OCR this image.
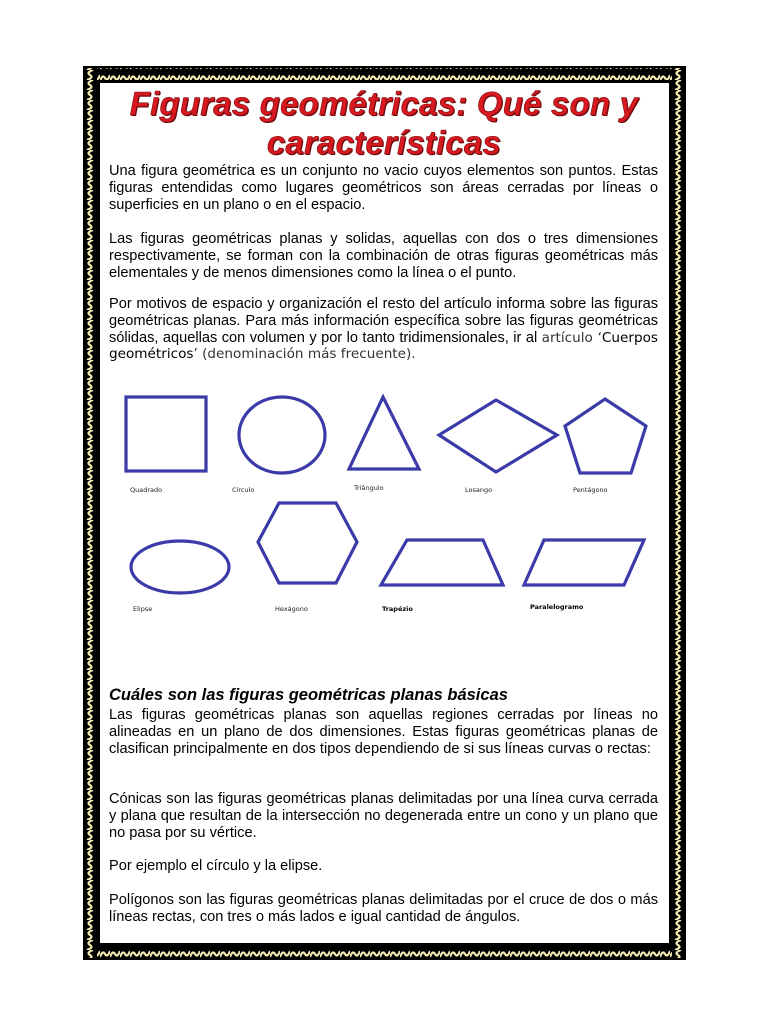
Figuras geométricas: Qué son y
características

Una figura geométrica es un conjunto no vacio cuyos elementos son puntos. Estas figuras entendidas como lugares geométricos son áreas cerradas por líneas o superficies en un plano o en el espacio.

Las figuras geométricas planas y solidas, aquellas con dos o tres dimensiones respectivamente, se forman con la combinación de otras figuras geométricas más elementales y de menos dimensiones como la línea o el punto.

Por motivos de espacio y organización el resto del artículo informa sobre las figuras geométricas planas. Para más información específica sobre las figuras geométricas sólidas, aquellas con volumen y por lo tanto tridimensionales, ir al artículo ‘Cuerpos geométricos’ (denominación más frecuente).

Quadrado	Círculo	Triângulo	Losango	Pentágono
Elipse	Hexágono	Trapézio	Paralelogramo
Cuáles son las figuras geométricas planas básicas

Las figuras geométricas planas son aquellas regiones cerradas por líneas no alineadas en un plano de dos dimensiones. Estas figuras geométricas planas de clasifican principalmente en dos tipos dependiendo de si sus líneas curvas o rectas:

Cónicas son las figuras geométricas planas delimitadas por una línea curva cerrada y plana que resultan de la intersección no degenerada entre un cono y un plano que no pasa por su vértice.

Por ejemplo el círculo y la elipse.

Polígonos son las figuras geométricas planas delimitadas por el cruce de dos o más líneas rectas, con tres o más lados e igual cantidad de ángulos.
